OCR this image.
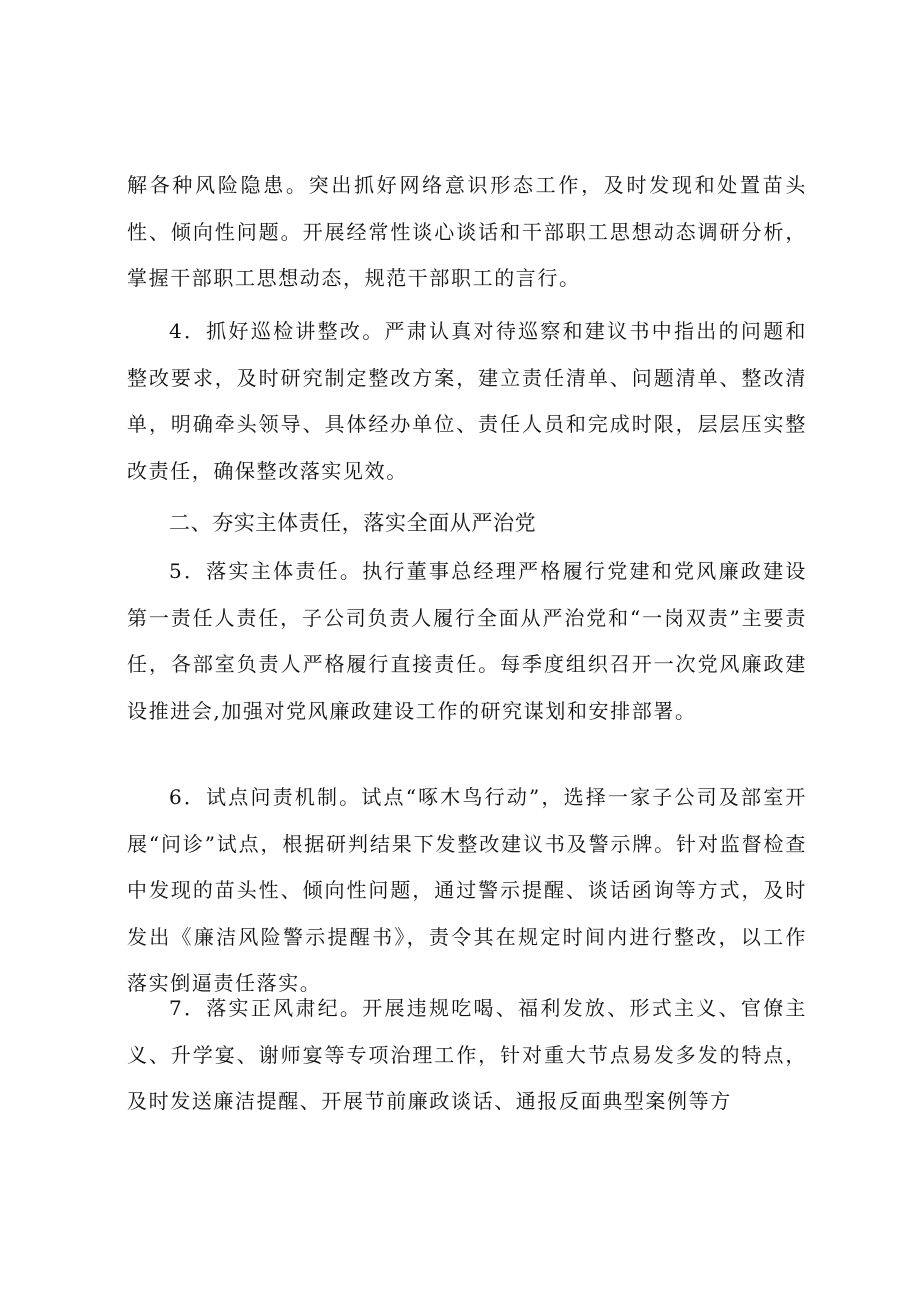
解各种风险隐患。突出抓好网络意识形态工作，及时发现和处置苗头性、倾向性问题。开展经常性谈心谈话和干部职工思想动态调研分析，掌握干部职工思想动态，规范干部职工的言行。

4．抓好巡检讲整改。严肃认真对待巡察和建议书中指出的问题和整改要求，及时研究制定整改方案，建立责任清单、问题清单、整改清单，明确牵头领导、具体经办单位、责任人员和完成时限，层层压实整改责任，确保整改落实见效。

二、夯实主体责任，落实全面从严治党

5．落实主体责任。执行董事总经理严格履行党建和党风廉政建设第一责任人责任，子公司负责人履行全面从严治党和“一岗双责”主要责任，各部室负责人严格履行直接责任。每季度组织召开一次党风廉政建设推进会,加强对党风廉政建设工作的研究谋划和安排部署。

6．试点问责机制。试点“啄木鸟行动”，选择一家子公司及部室开展“问诊”试点，根据研判结果下发整改建议书及警示牌。针对监督检查中发现的苗头性、倾向性问题，通过警示提醒、谈话函询等方式，及时发出《廉洁风险警示提醒书》，责令其在规定时间内进行整改，以工作落实倒逼责任落实。

7．落实正风肃纪。开展违规吃喝、福利发放、形式主义、官僚主义、升学宴、谢师宴等专项治理工作，针对重大节点易发多发的特点，及时发送廉洁提醒、开展节前廉政谈话、通报反面典型案例等方
